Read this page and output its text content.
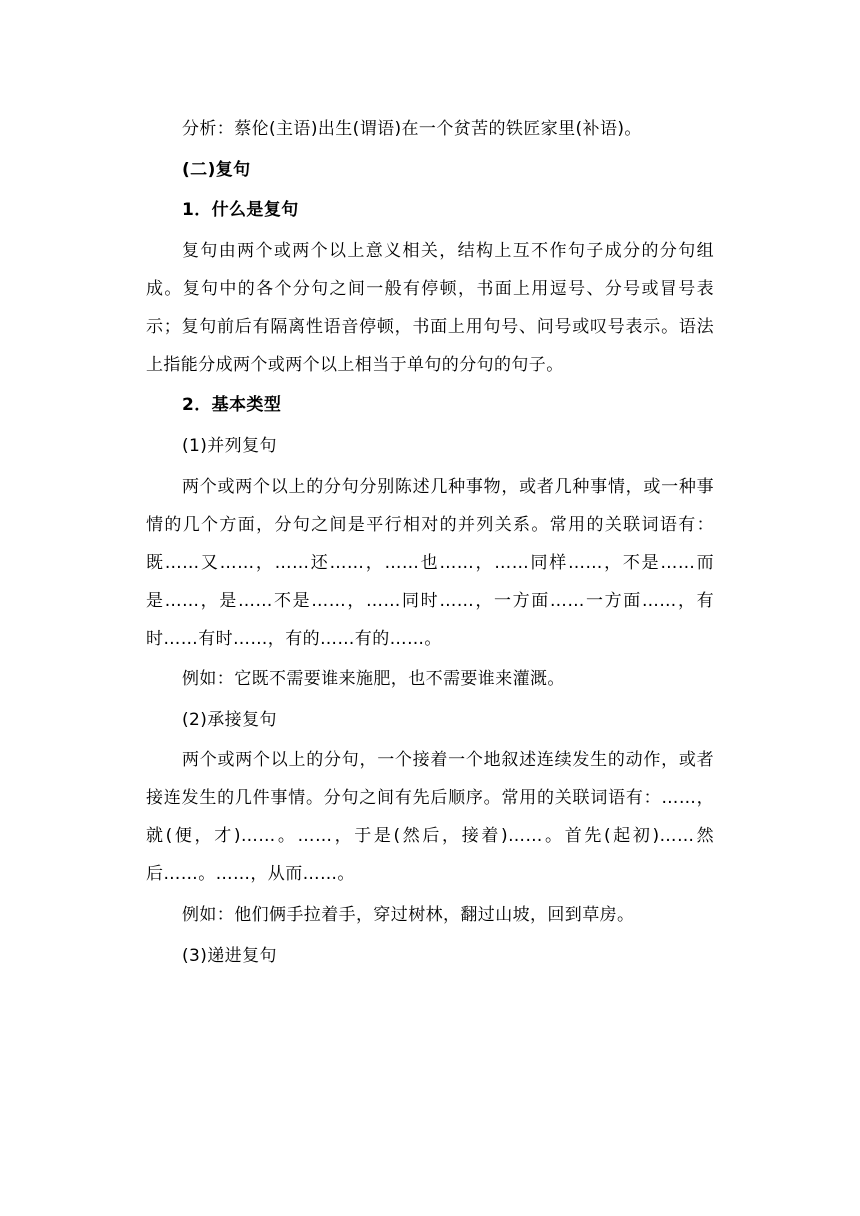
分析：蔡伦(主语)出生(谓语)在一个贫苦的铁匠家里(补语)。

(二)复句

1．什么是复句

复句由两个或两个以上意义相关，结构上互不作句子成分的分句组成。复句中的各个分句之间一般有停顿，书面上用逗号、分号或冒号表示；复句前后有隔离性语音停顿，书面上用句号、问号或叹号表示。语法上指能分成两个或两个以上相当于单句的分句的句子。

2．基本类型

(1)并列复句

两个或两个以上的分句分别陈述几种事物，或者几种事情，或一种事情的几个方面，分句之间是平行相对的并列关系。常用的关联词语有：既……又……，……还……，……也……，……同样……，不是……而是……，是……不是……，……同时……，一方面……一方面……，有时……有时……，有的……有的……。

例如：它既不需要谁来施肥，也不需要谁来灌溉。

(2)承接复句

两个或两个以上的分句，一个接着一个地叙述连续发生的动作，或者接连发生的几件事情。分句之间有先后顺序。常用的关联词语有：……，就(便，才)……。……，于是(然后，接着)……。首先(起初)……然后……。……，从而……。

例如：他们俩手拉着手，穿过树林，翻过山坡，回到草房。

(3)递进复句
